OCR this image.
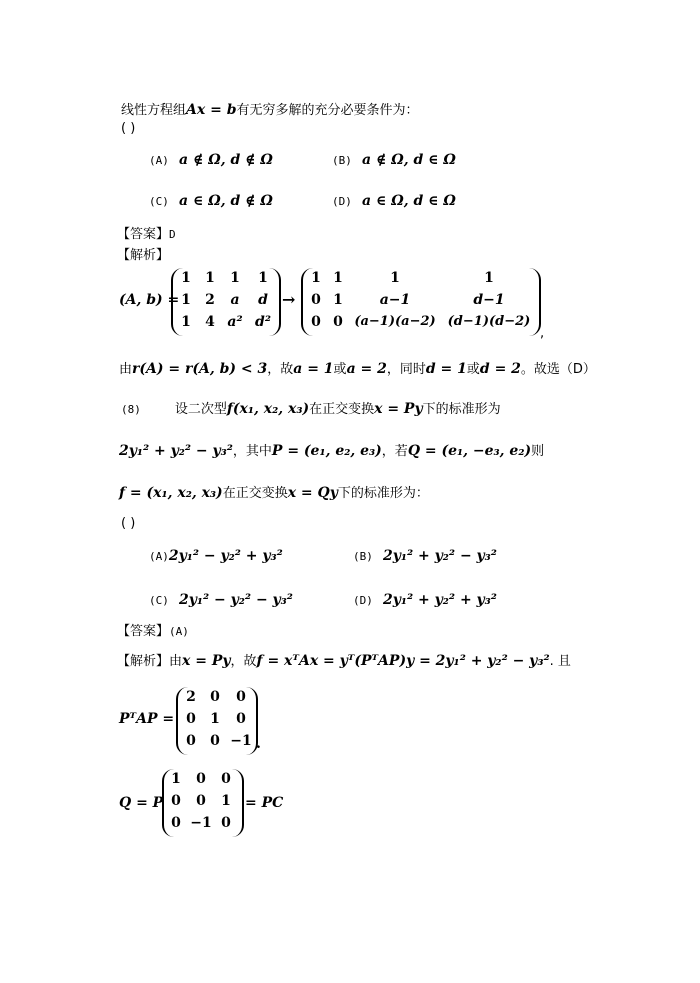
线性方程组Ax = b有无穷多解的充分必要条件为：
( )
(A) a ∉ Ω, d ∉ Ω	(B) a ∉ Ω, d ∈ Ω
(C) a ∈ Ω, d ∉ Ω	(D) a ∈ Ω, d ∈ Ω
【答案】D
【解析】
(A, b) =
1 1	1	1
1 2	a	d
1 4 a² d²
→
1 1	1	1
0 1	a−1	d−1
0 0 (a−1)(a−2) (d−1)(d−2)
,
由r(A) = r(A, b) < 3，故a = 1或a = 2，同时d = 1或d = 2。故选（D）
(8)	设二次型f(x₁, x₂, x₃)在正交变换x = Py下的标准形为
2y₁² + y₂² − y₃²，其中P = (e₁, e₂, e₃)，若Q = (e₁, −e₃, e₂)则
f = (x₁, x₂, x₃)在正交变换x = Qy下的标准形为：
( )
(A)2y₁² − y₂² + y₃²	(B) 2y₁² + y₂² − y₃²
(C) 2y₁² − y₂² − y₃²	(D) 2y₁² + y₂² + y₃²
【答案】(A)
【解析】由x = Py，故f = xᵀAx = yᵀ(PᵀAP)y = 2y₁² + y₂² − y₃². 且
PᵀAP =
2 0	0
0 1	0
0 0 −1 .
Q = P
1	0	0
0	0	1
0 −1 0
= PC
